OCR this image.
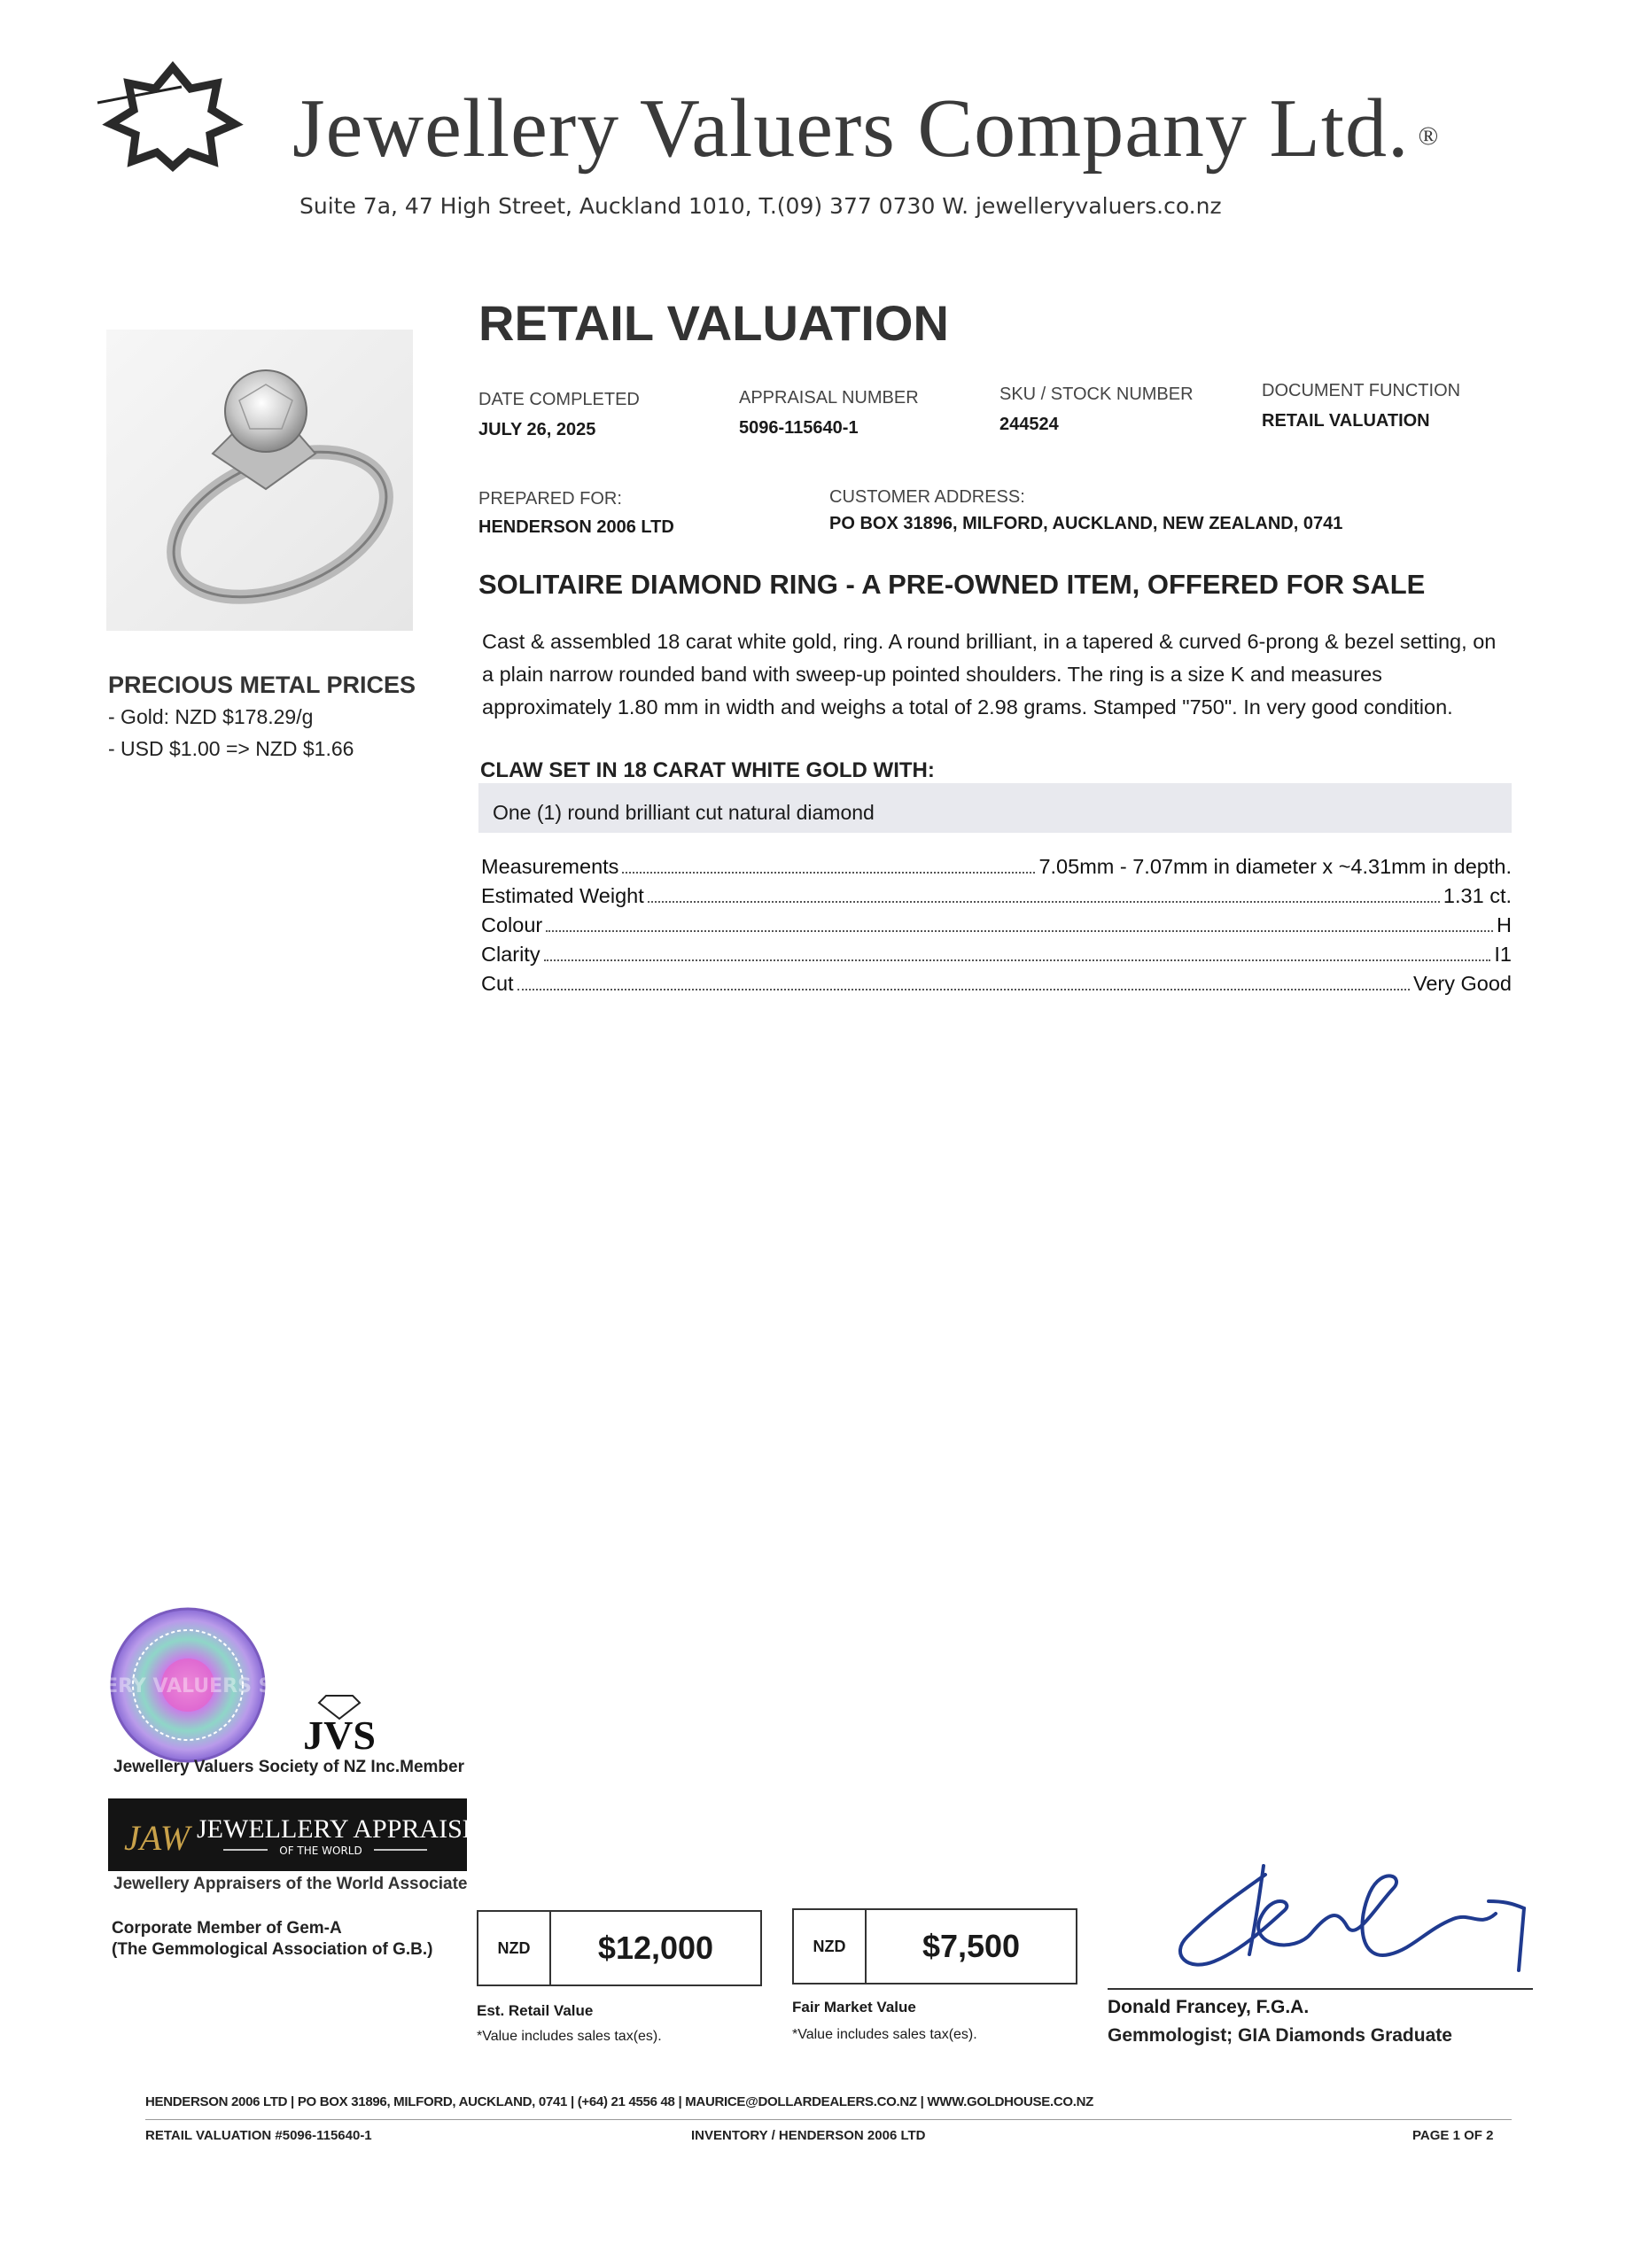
Jewellery Valuers Company Ltd. ®
Suite 7a, 47 High Street, Auckland 1010, T.(09) 377 0730 W. jewelleryvaluers.co.nz
PRECIOUS METAL PRICES
- Gold: NZD $178.29/g
- USD $1.00 => NZD $1.66
RETAIL VALUATION
DATE COMPLETED
JULY 26, 2025
APPRAISAL NUMBER
5096-115640-1
SKU / STOCK NUMBER
244524
DOCUMENT FUNCTION
RETAIL VALUATION
PREPARED FOR:
HENDERSON 2006 LTD
CUSTOMER ADDRESS:
PO BOX 31896, MILFORD, AUCKLAND, NEW ZEALAND, 0741
SOLITAIRE DIAMOND RING - A PRE-OWNED ITEM, OFFERED FOR SALE
Cast & assembled 18 carat white gold, ring. A round brilliant, in a tapered & curved 6-prong & bezel setting, on a plain narrow rounded band with sweep-up pointed shoulders. The ring is a size K and measures approximately 1.80 mm in width and weighs a total of 2.98 grams. Stamped "750". In very good condition.
CLAW SET IN 18 CARAT WHITE GOLD WITH:
One (1) round brilliant cut natural diamond
Measurements	7.05mm - 7.07mm in diameter x ~4.31mm in depth.
Estimated Weight	1.31 ct.
Colour	H
Clarity	I1
Cut	Very Good
JEWELLERY VALUERS SOCIETY
JVS
Jewellery Valuers Society of NZ Inc.Member
JAW JEWELLERY APPRAISERS
OF THE WORLD
Jewellery Appraisers of the World Associate
Corporate Member of Gem-A
(The Gemmological Association of G.B.)	NZD	$12,000
Est. Retail Value
*Value includes sales tax(es).
NZD	$7,500
Fair Market Value
*Value includes sales tax(es).
Donald Francey, F.G.A.
Gemmologist; GIA Diamonds Graduate
HENDERSON 2006 LTD | PO BOX 31896, MILFORD, AUCKLAND, 0741 | (+64) 21 4556 48 | MAURICE@DOLLARDEALERS.CO.NZ | WWW.GOLDHOUSE.CO.NZ
RETAIL VALUATION #5096-115640-1	INVENTORY / HENDERSON 2006 LTD	PAGE 1 OF 2
